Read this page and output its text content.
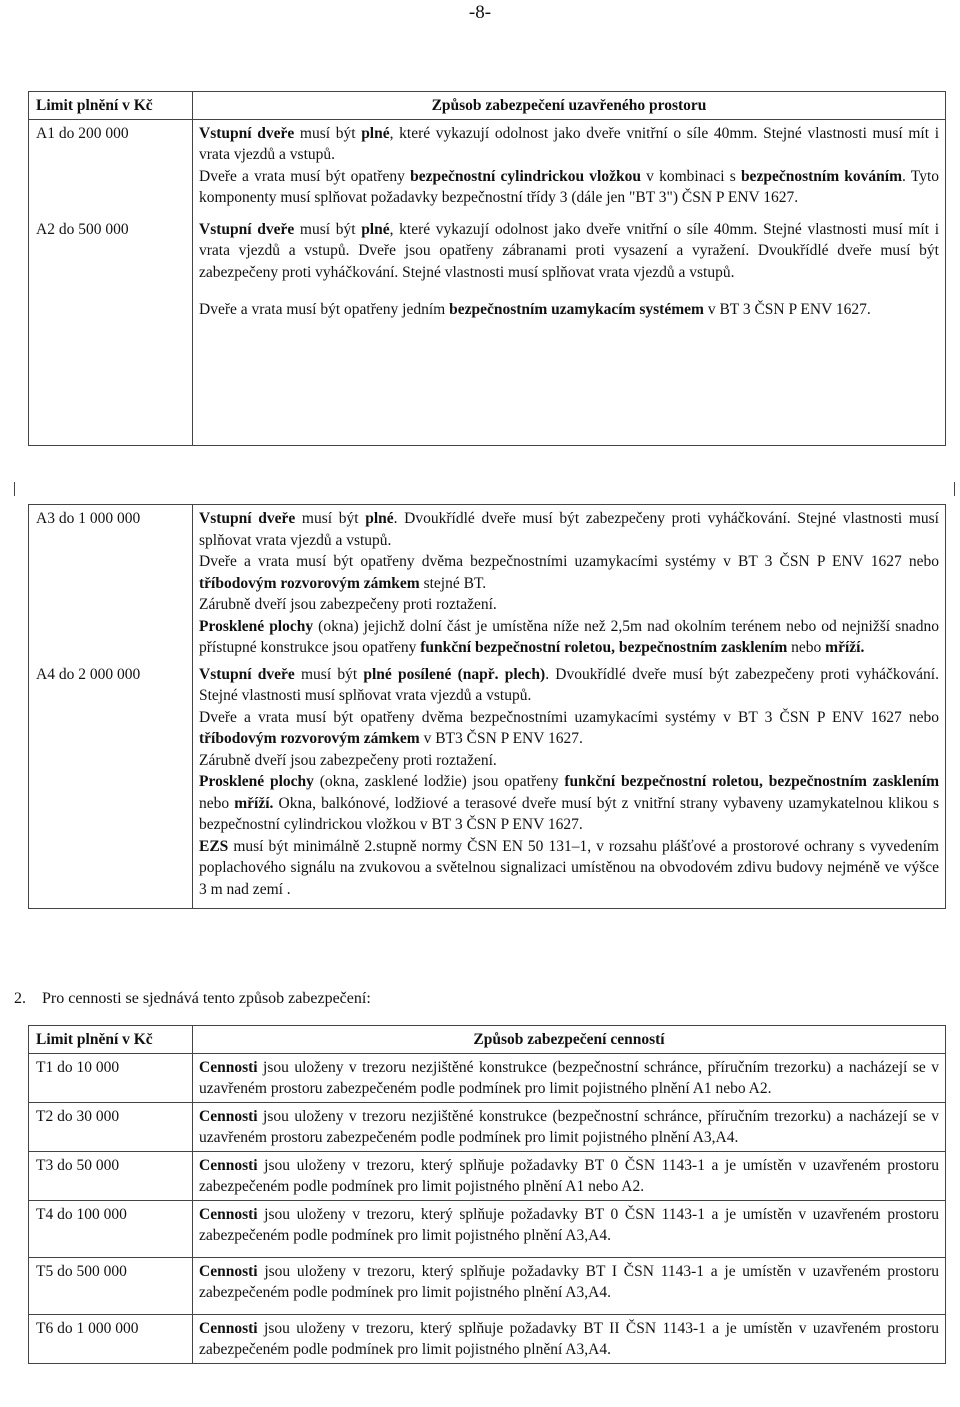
-8-
Limit plnění v Kč	Způsob zabezpečení uzavřeného prostoru
A1 do 200 000	Vstupní dveře musí být plné, které vykazují odolnost jako dveře vnitřní o síle 40mm. Stejné vlastnosti musí mít i vrata vjezdů a vstupů.

Dveře a vrata musí být opatřeny bezpečnostní cylindrickou vložkou v kombinaci s bezpečnostním kováním. Tyto komponenty musí splňovat požadavky bezpečnostní třídy 3 (dále jen "BT 3") ČSN P ENV 1627.

A2 do 500 000	Vstupní dveře musí být plné, které vykazují odolnost jako dveře vnitřní o síle 40mm. Stejné vlastnosti musí mít i vrata vjezdů a vstupů. Dveře jsou opatřeny zábranami proti vysazení a vyražení. Dvoukřídlé dveře musí být zabezpečeny proti vyháčkování. Stejné vlastnosti musí splňovat vrata vjezdů a vstupů.

Dveře a vrata musí být opatřeny jedním bezpečnostním uzamykacím systémem v BT 3 ČSN P ENV 1627.

A3 do 1 000 000	Vstupní dveře musí být plné. Dvoukřídlé dveře musí být zabezpečeny proti vyháčkování. Stejné vlastnosti musí splňovat vrata vjezdů a vstupů.

Dveře a vrata musí být opatřeny dvěma bezpečnostními uzamykacími systémy v BT 3 ČSN P ENV 1627 nebo tříbodovým rozvorovým zámkem stejné BT.

Zárubně dveří jsou zabezpečeny proti roztažení.

Prosklené plochy (okna) jejichž dolní část je umístěna níže než 2,5m nad okolním terénem nebo od nejnižší snadno přístupné konstrukce jsou opatřeny funkční bezpečnostní roletou, bezpečnostním zasklením nebo mříží.

A4 do 2 000 000	Vstupní dveře musí být plné posílené (např. plech). Dvoukřídlé dveře musí být zabezpečeny proti vyháčkování. Stejné vlastnosti musí splňovat vrata vjezdů a vstupů.

Dveře a vrata musí být opatřeny dvěma bezpečnostními uzamykacími systémy v BT 3 ČSN P ENV 1627 nebo tříbodovým rozvorovým zámkem v BT3 ČSN P ENV 1627.

Zárubně dveří jsou zabezpečeny proti roztažení.

Prosklené plochy (okna, zasklené lodžie) jsou opatřeny funkční bezpečnostní roletou, bezpečnostním zasklením nebo mříží. Okna, balkónové, lodžiové a terasové dveře musí být z vnitřní strany vybaveny uzamykatelnou klikou s bezpečnostní cylindrickou vložkou v BT 3 ČSN P ENV 1627.

EZS musí být minimálně 2.stupně normy ČSN EN 50 131–1, v rozsahu plášťové a prostorové ochrany s vyvedením poplachového signálu na zvukovou a světelnou signalizaci umístěnou na obvodovém zdivu budovy nejméně ve výšce 3 m nad zemí .

2. Pro cennosti se sjednává tento způsob zabezpečení:
Limit plnění v Kč	Způsob zabezpečení cenností
T1 do 10 000	Cennosti jsou uloženy v trezoru nezjištěné konstrukce (bezpečnostní schránce, příručním trezorku) a nacházejí se v uzavřeném prostoru zabezpečeném podle podmínek pro limit pojistného plnění A1 nebo A2.

T2 do 30 000	Cennosti jsou uloženy v trezoru nezjištěné konstrukce (bezpečnostní schránce, příručním trezorku) a nacházejí se v uzavřeném prostoru zabezpečeném podle podmínek pro limit pojistného plnění A3,A4.

T3 do 50 000	Cennosti jsou uloženy v trezoru, který splňuje požadavky BT 0 ČSN 1143-1 a je umístěn v uzavřeném prostoru zabezpečeném podle podmínek pro limit pojistného plnění A1 nebo A2.

T4 do 100 000	Cennosti jsou uloženy v trezoru, který splňuje požadavky BT 0 ČSN 1143-1 a je umístěn v uzavřeném prostoru zabezpečeném podle podmínek pro limit pojistného plnění A3,A4.

T5 do 500 000	Cennosti jsou uloženy v trezoru, který splňuje požadavky BT I ČSN 1143-1 a je umístěn v uzavřeném prostoru zabezpečeném podle podmínek pro limit pojistného plnění A3,A4.

T6 do 1 000 000	Cennosti jsou uloženy v trezoru, který splňuje požadavky BT II ČSN 1143-1 a je umístěn v uzavřeném prostoru zabezpečeném podle podmínek pro limit pojistného plnění A3,A4.
